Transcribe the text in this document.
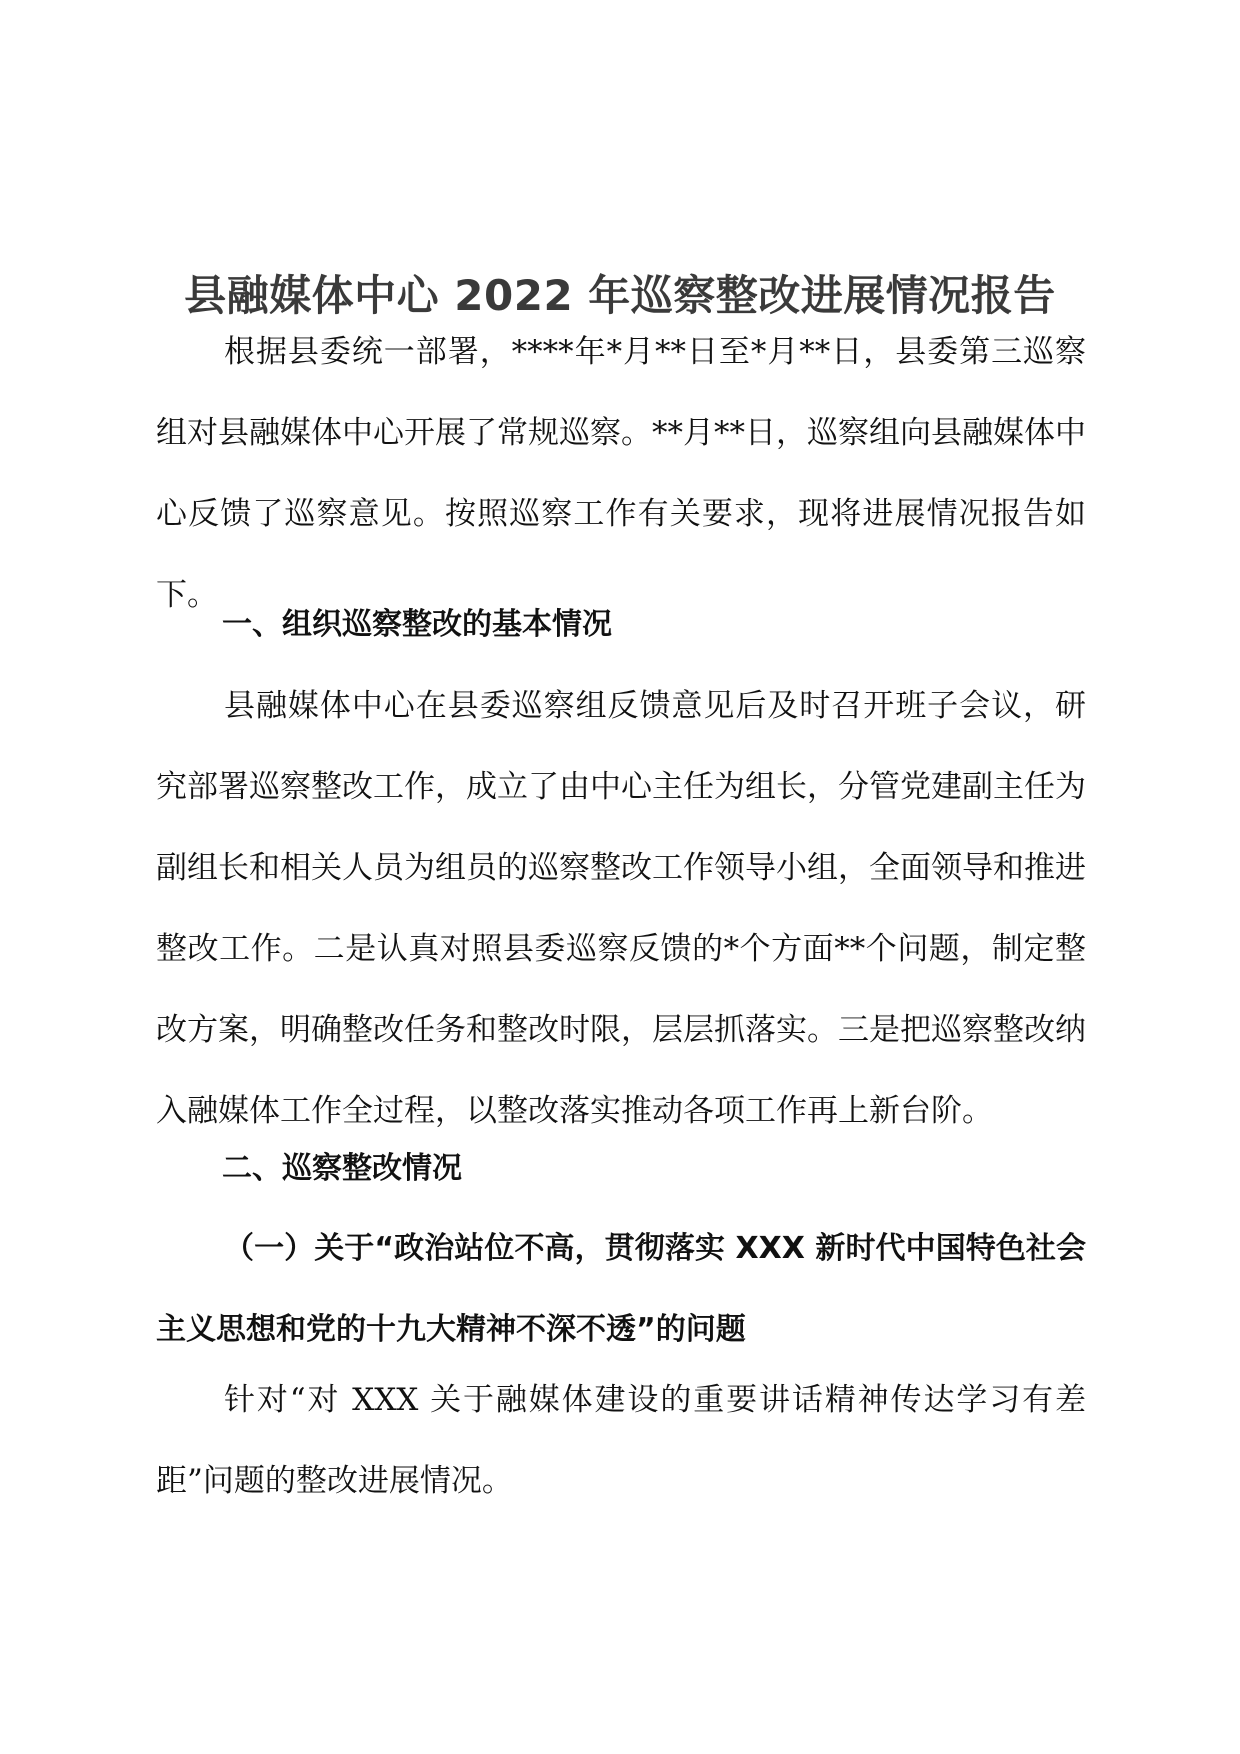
县融媒体中心 2022 年巡察整改进展情况报告

根据县委统一部署，****年*月**日至*月**日，县委第三巡察组对县融媒体中心开展了常规巡察。**月**日，巡察组向县融媒体中心反馈了巡察意见。按照巡察工作有关要求，现将进展情况报告如下。

一、组织巡察整改的基本情况

县融媒体中心在县委巡察组反馈意见后及时召开班子会议，研究部署巡察整改工作，成立了由中心主任为组长，分管党建副主任为副组长和相关人员为组员的巡察整改工作领导小组，全面领导和推进整改工作。二是认真对照县委巡察反馈的*个方面**个问题，制定整改方案，明确整改任务和整改时限，层层抓落实。三是把巡察整改纳入融媒体工作全过程，以整改落实推动各项工作再上新台阶。

二、巡察整改情况

（一）关于“政治站位不高，贯彻落实 XXX 新时代中国特色社会主义思想和党的十九大精神不深不透”的问题

针对“对 XXX 关于融媒体建设的重要讲话精神传达学习有差距”问题的整改进展情况。
